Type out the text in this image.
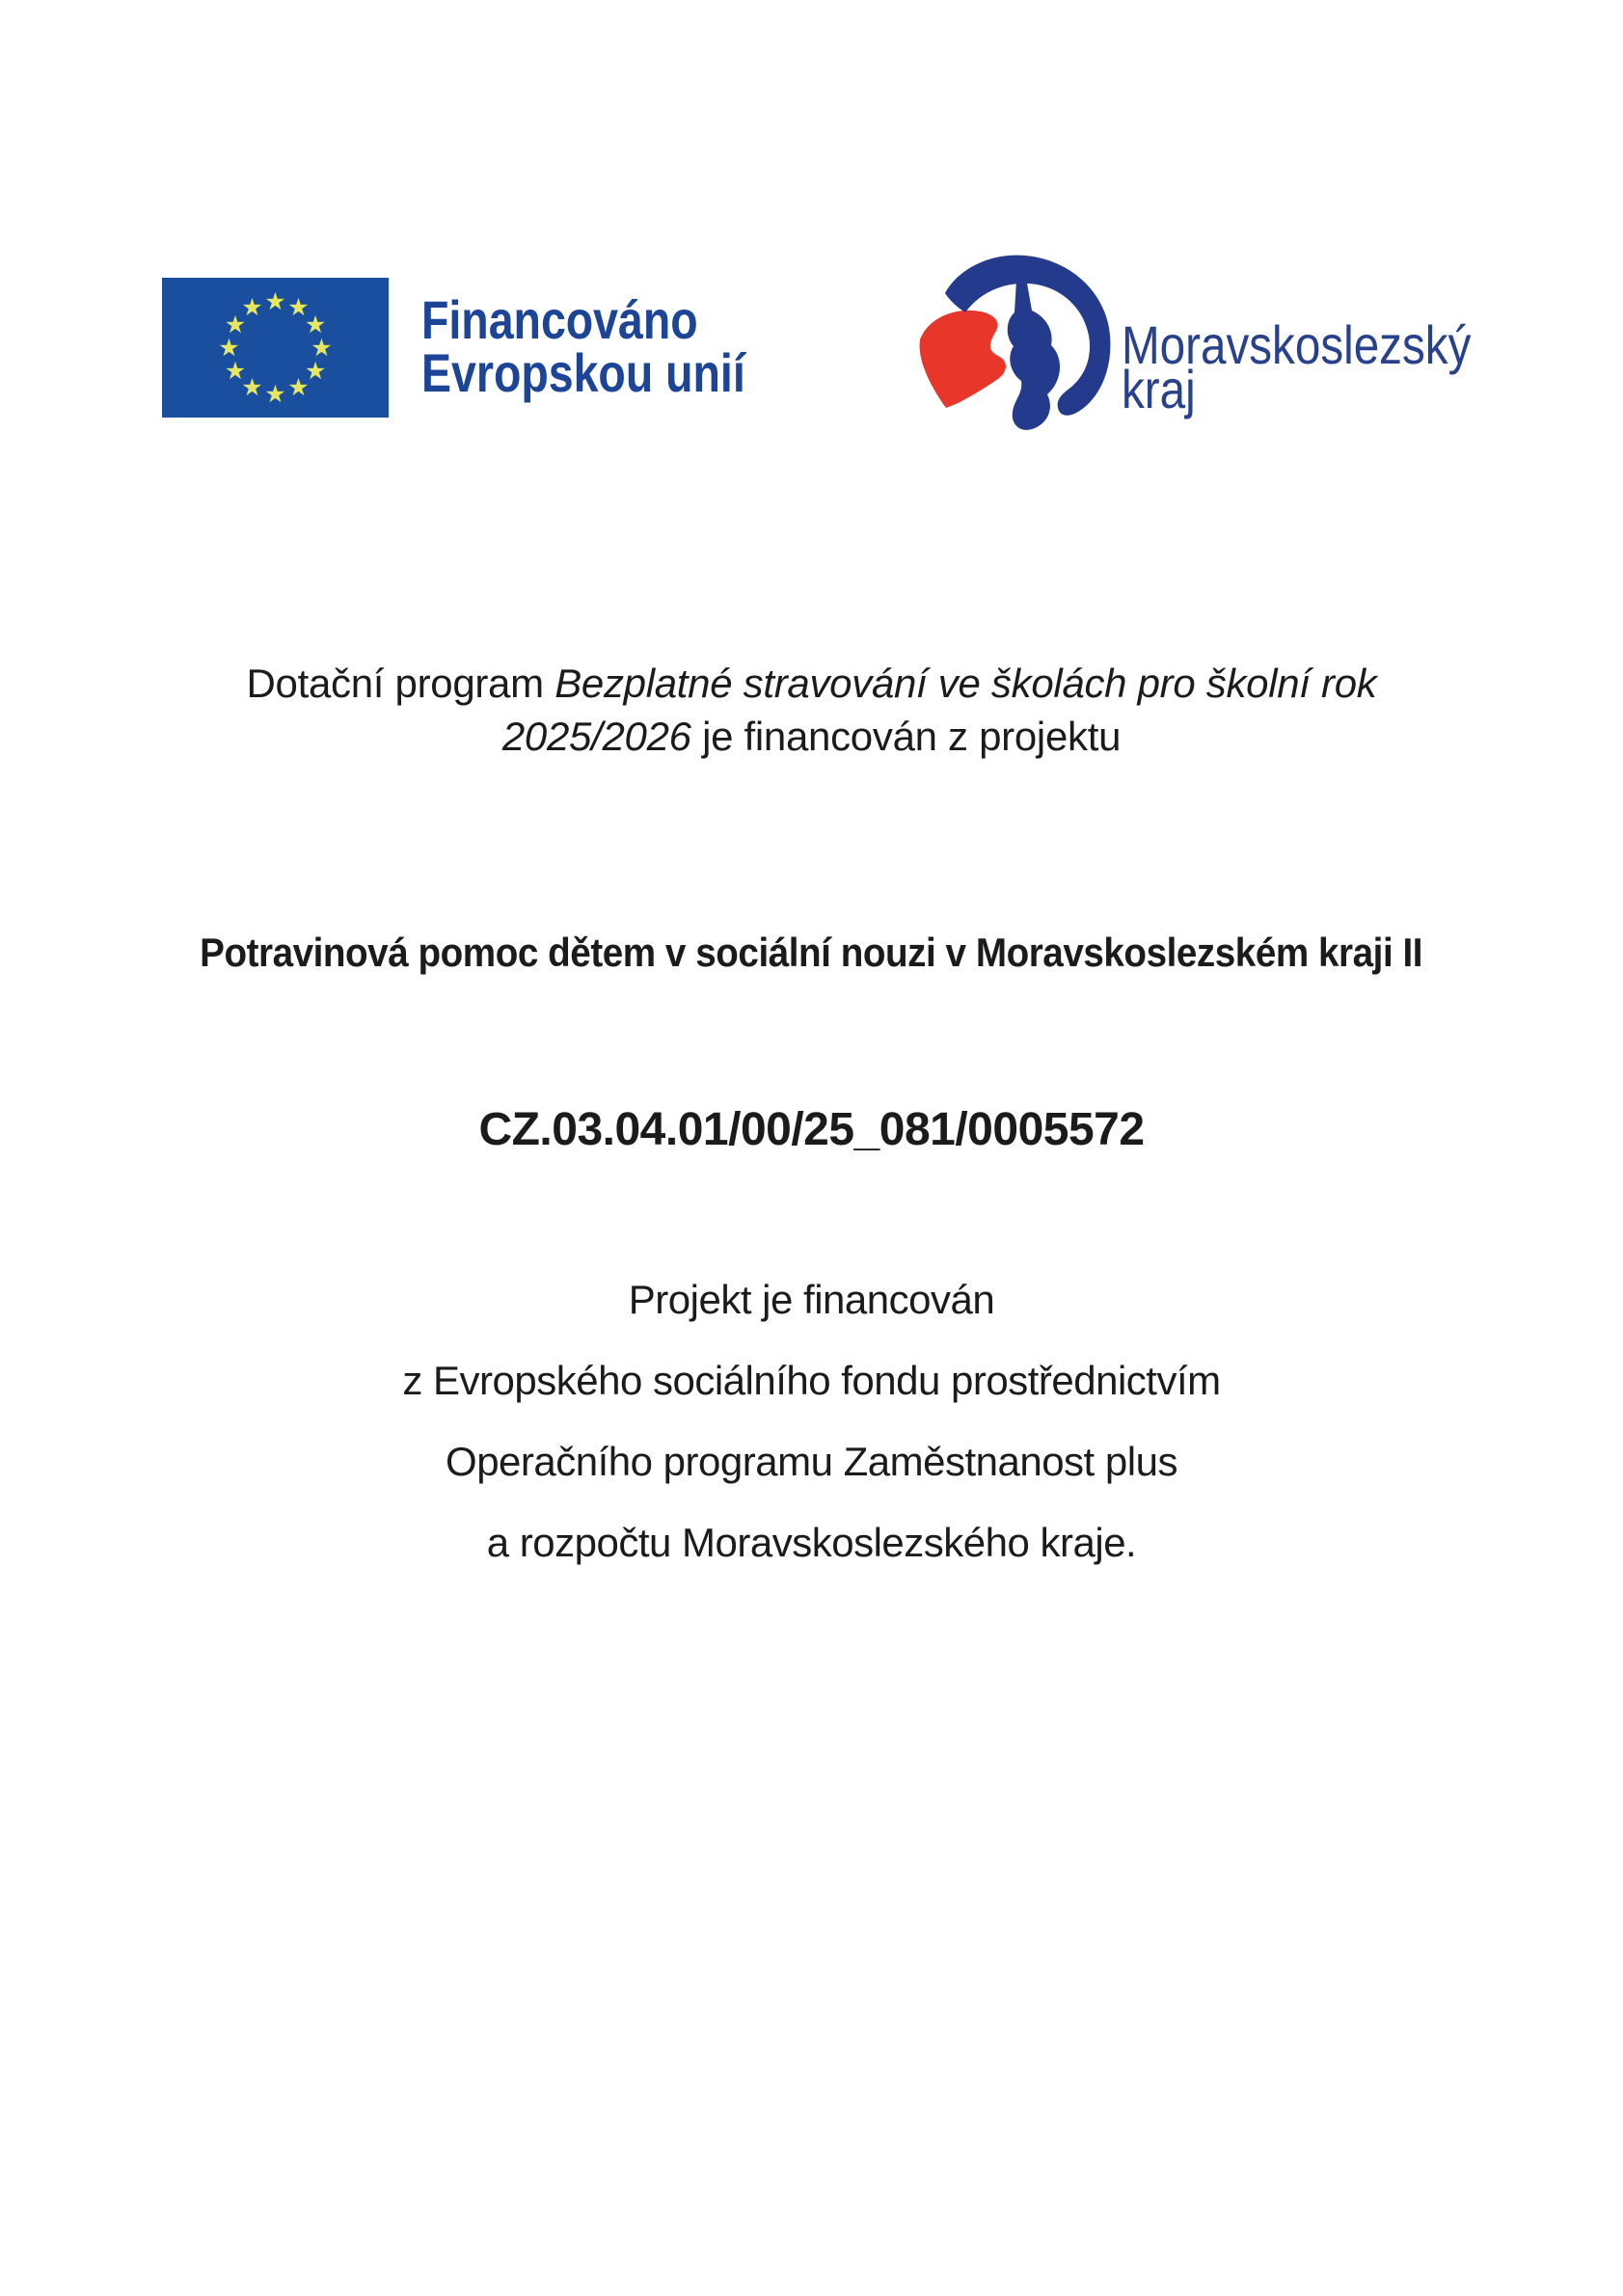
★ ★
★
★
★
★
★
★
★
★
★
★	Financováno
Evropskou unií	Moravskoslezský
kraj
Dotační program Bezplatné stravování ve školách pro školní rok
2025/2026 je financován z projektu
Potravinová pomoc dětem v sociální nouzi v Moravskoslezském kraji II
CZ.03.04.01/00/25_081/0005572
Projekt je financován
z Evropského sociálního fondu prostřednictvím
Operačního programu Zaměstnanost plus
a rozpočtu Moravskoslezského kraje.
